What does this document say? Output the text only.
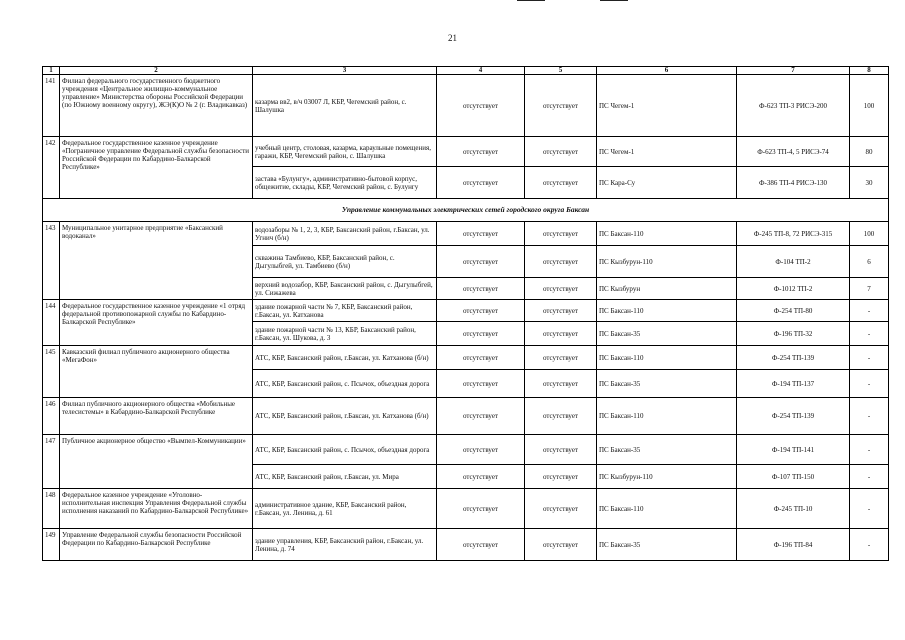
21
1	2	3	4	5	6	7	8
141	Филиал федерального государственного бюджетного учреждения «Центральное жилищно-коммунальное управление» Министерства обороны Российской Федерации (по Южному военному округу), ЖЭ(К)О № 2 (г. Владикавказ)	казарма вв2, в/ч 03007 Л, КБР, Чегемский район, с. Шалушка	отсутствует	отсутствует	ПС Чегем-1	Ф-623 ТП-3 РИСЭ-200	100
142	Федеральное государственное казенное учреждение «Пограничное управление Федеральной службы безопасности Российской Федерации по Кабардино-Балкарской Республике»	учебный центр, столовая, казарма, караульные помещения, гаражи, КБР, Чегемский район, с. Шалушка	отсутствует	отсутствует	ПС Чегем-1	Ф-623 ТП-4, 5 РИСЭ-74	80
		застава «Булунгу», административно-бытовой корпус, общежитие, склады, КБР, Чегемский район, с. Булунгу	отсутствует	отсутствует	ПС Кара-Су	Ф-386 ТП-4 РИСЭ-130	30
Управление коммунальных электрических сетей городского округа Баксан							
143	Муниципальное унитарное предприятие «Баксанский водоканал»	водозаборы № 1, 2, 3, КБР, Баксанский район, г.Баксан, ул. Угнич (б/н)	отсутствует	отсутствует	ПС Баксан-110	Ф-245 ТП-8, 72 РИСЭ-315	100
		скважина Тамбиево, КБР, Баксанский район, с. Дыгулыбгей, ул. Тамбиево (б/н)	отсутствует	отсутствует	ПС Кызбурун-110	Ф-104 ТП-2	6
		верхний водозабор, КБР, Баксанский район, с. Дыгулыбгей, ул. Сижажева	отсутствует	отсутствует	ПС Кызбурун	Ф-1012 ТП-2	7
144	Федеральное государственное казенное учреждение «1 отряд федеральной противопожарной службы по Кабардино-Балкарской Республике»	здание пожарной части № 7, КБР, Баксанский район, г.Баксан, ул. Катханова	отсутствует	отсутствует	ПС Баксан-110	Ф-254 ТП-80	-
		здание пожарной части № 13, КБР, Баксанский район, г.Баксан, ул. Шукова, д. 3	отсутствует	отсутствует	ПС Баксан-35	Ф-196 ТП-32	-
145	Кавказский филиал публичного акционерного общества «МегаФон»	АТС, КБР, Баксанский район, г.Баксан, ул. Катханова (б/н)	отсутствует	отсутствует	ПС Баксан-110	Ф-254 ТП-139	-
		АТС, КБР, Баксанский район, с. Псычох, объездная дорога	отсутствует	отсутствует	ПС Баксан-35	Ф-194 ТП-137	-
146	Филиал публичного акционерного общества «Мобильные телесистемы» в Кабардино-Балкарской Республике	АТС, КБР, Баксанский район, г.Баксан, ул. Катханова (б/н)	отсутствует	отсутствует	ПС Баксан-110	Ф-254 ТП-139	-
147	Публичное акционерное общество «Вымпел-Коммуникации»	АТС, КБР, Баксанский район, с. Псычох, объездная дорога	отсутствует	отсутствует	ПС Баксан-35	Ф-194 ТП-141	-
		АТС, КБР, Баксанский район, г.Баксан, ул. Мира	отсутствует	отсутствует	ПС Кызбурун-110	Ф-107 ТП-150	-
148	Федеральное казенное учреждение «Уголовно-исполнительная инспекция Управления Федеральной службы исполнения наказаний по Кабардино-Балкарской Республике»	административное здание, КБР, Баксанский район, г.Баксан, ул. Ленина, д. 61	отсутствует	отсутствует	ПС Баксан-110	Ф-245 ТП-10	-
149	Управление Федеральной службы безопасности Российской Федерации по Кабардино-Балкарской Республике	здание управления, КБР, Баксанский район, г.Баксан, ул. Ленина, д. 74	отсутствует	отсутствует	ПС Баксан-35	Ф-196 ТП-84	-
